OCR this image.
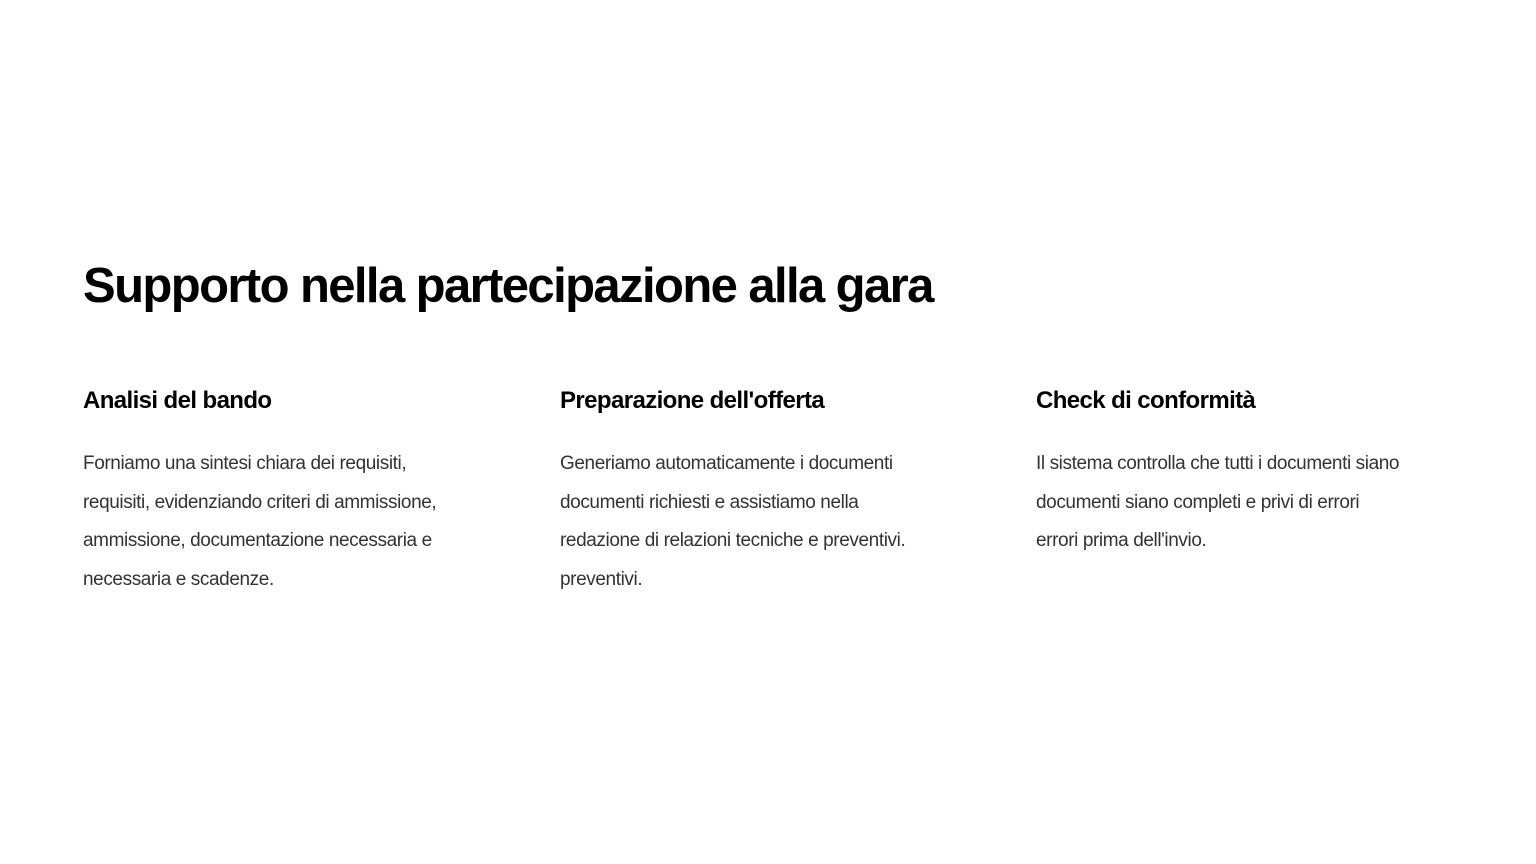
Supporto nella partecipazione alla gara
Analisi del bando

Forniamo una sintesi chiara dei requisiti,
requisiti, evidenziando criteri di ammissione,
ammissione, documentazione necessaria e
necessaria e scadenze.

Preparazione dell'offerta

Generiamo automaticamente i documenti
documenti richiesti e assistiamo nella
redazione di relazioni tecniche e preventivi.
preventivi.

Check di conformità

Il sistema controlla che tutti i documenti siano
documenti siano completi e privi di errori
errori prima dell'invio.
